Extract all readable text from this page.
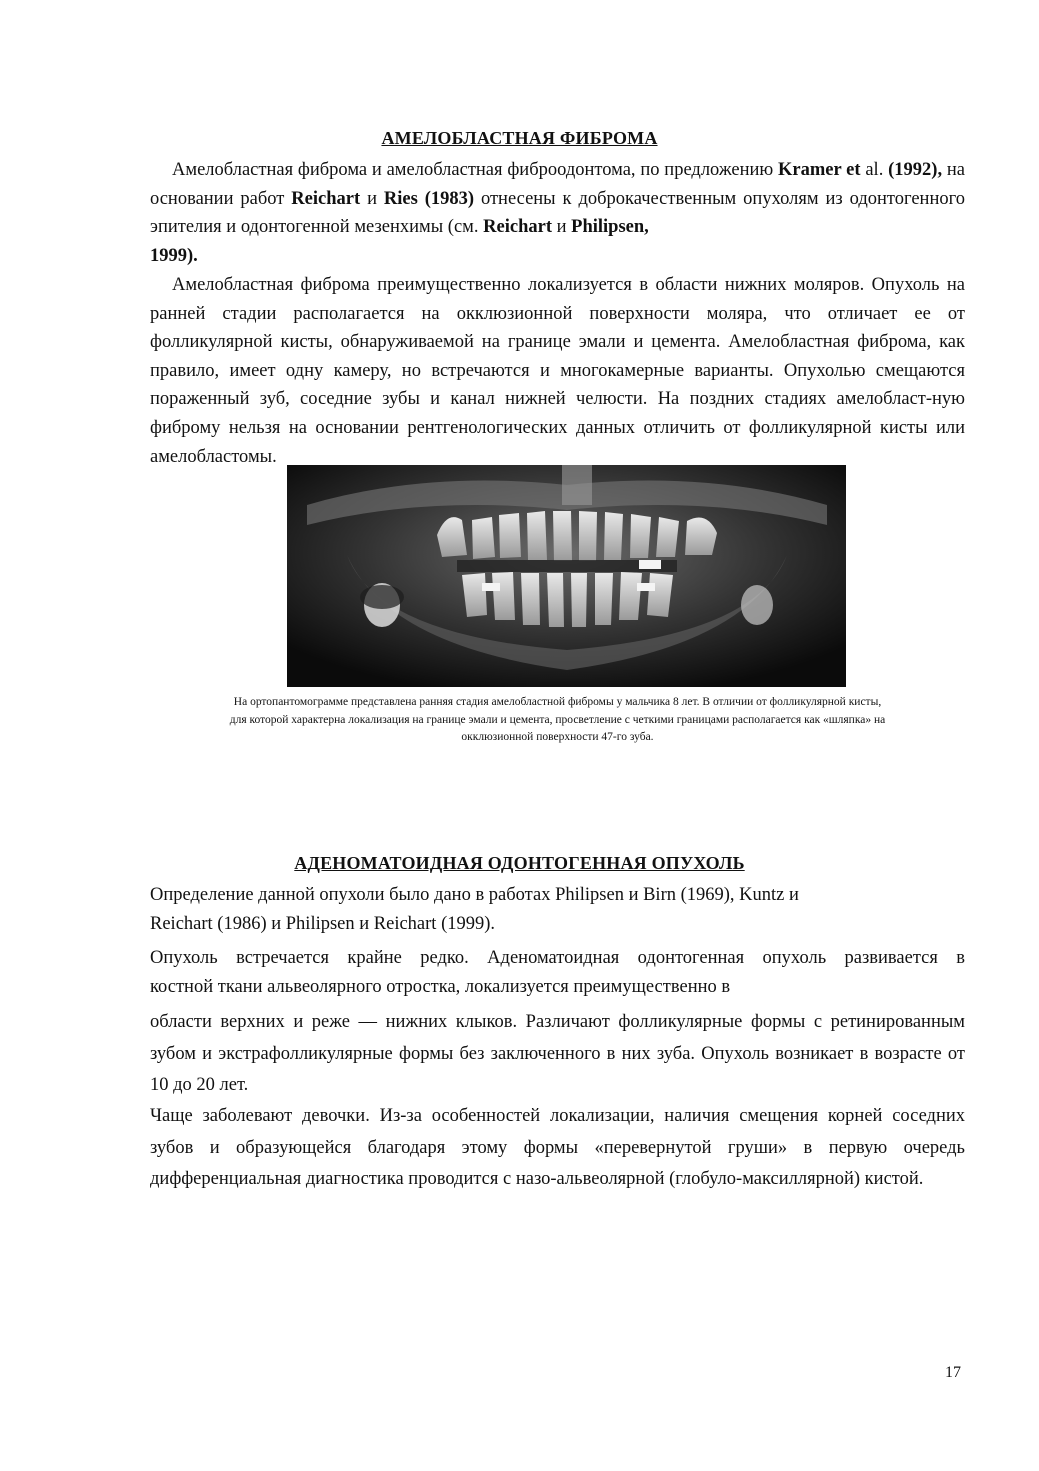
АМЕЛОБЛАСТНАЯ ФИБРОМА

Амелобластная фиброма и амелобластная фиброодонтома, по предложению Kramer et al. (1992), на основании работ Reichart и Ries (1983) отнесены к доброкачественным опухолям из одонтогенного эпителия и одонтогенной мезенхимы (см. Reichart и Philipsen,
1999).

Амелобластная фиброма преимущественно локализуется в области нижних моляров. Опухоль на ранней стадии располагается на окклюзионной поверхности моляра, что отличает ее от фолликулярной кисты, обнаруживаемой на границе эмали и цемента. Амелобластная фиброма, как правило, имеет одну камеру, но встречаются и многокамерные варианты. Опухолью смещаются пораженный зуб, соседние зубы и канал нижней челюсти. На поздних стадиях амелобласт-ную фиброму нельзя на основании рентгенологических данных отличить от фолликулярной кисты или амелобластомы.

На ортопантомограмме представлена ранняя стадия амелобластной фибромы у мальчика 8 лет. В отличии от фолликулярной кисты,
для которой характерна локализация на границе эмали и цемента, просветление с четкими границами располагается как «шляпка» на
окклюзионной поверхности 47-го зуба.
АДЕНОМАТОИДНАЯ ОДОНТОГЕННАЯ ОПУХОЛЬ

Определение данной опухоли было дано в работах Philipsen и Birn (1969), Kuntz и

Reichart (1986) и Philipsen и Reichart (1999).

Опухоль встречается крайне редко. Аденоматоидная одонтогенная опухоль развивается в

костной ткани альвеолярного отростка, локализуется преимущественно в

области верхних и реже — нижних клыков. Различают фолликулярные формы с ретинированным зубом и экстрафолликулярные формы без заключенного в них зуба. Опухоль возникает в возрасте от 10 до 20 лет.

Чаще заболевают девочки. Из-за особенностей локализации, наличия смещения корней соседних зубов и образующейся благодаря этому формы «перевернутой груши» в первую очередь дифференциальная диагностика проводится с назо-альвеолярной (глобуло-максиллярной) кистой.

17
